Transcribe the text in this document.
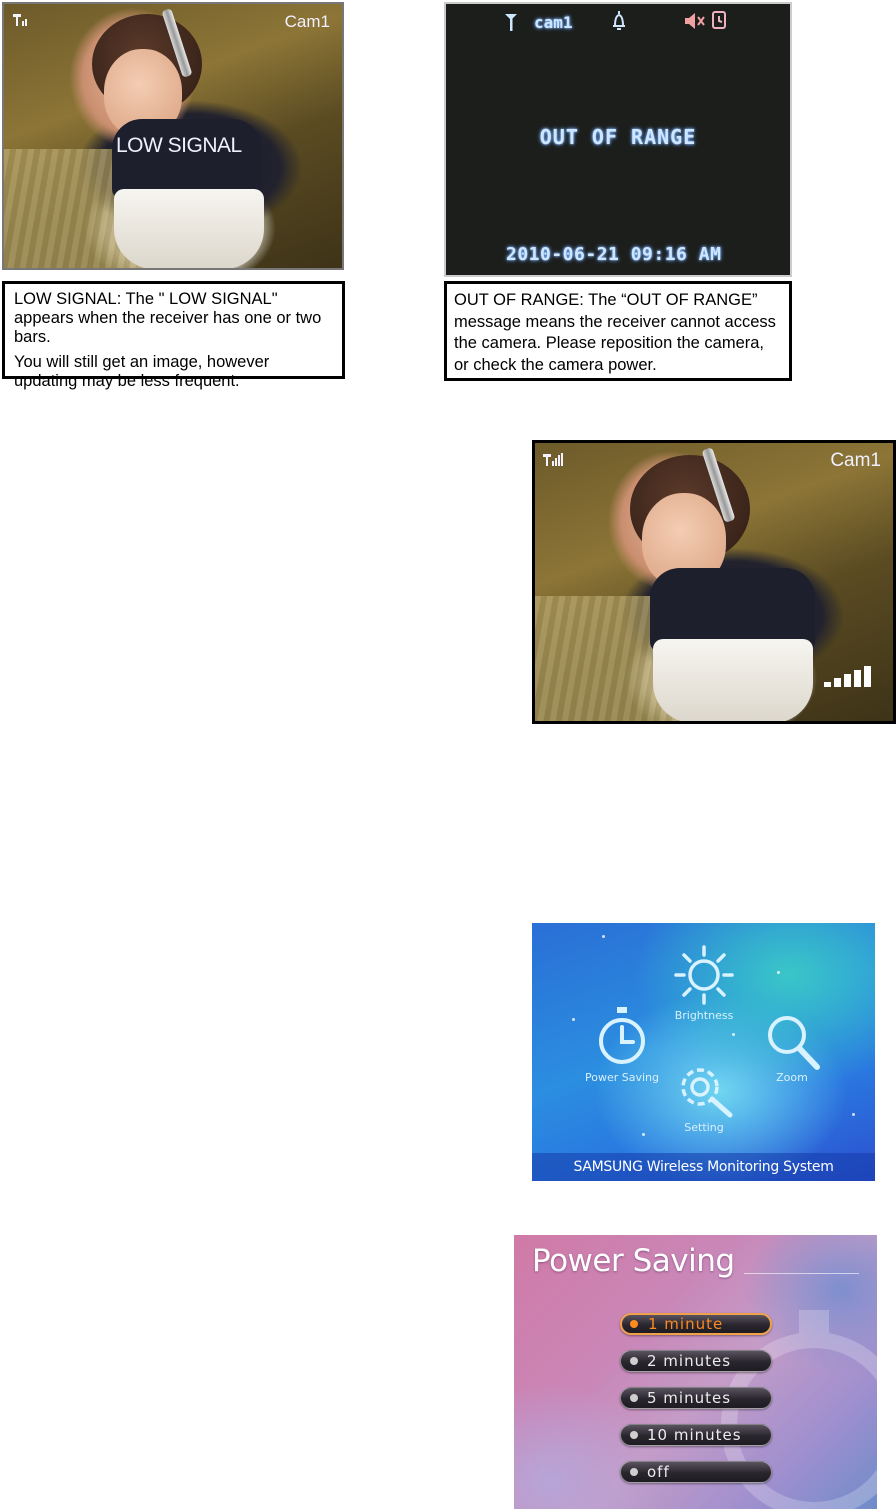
Cam1
LOW SIGNAL

LOW SIGNAL: The " LOW SIGNAL" appears when the receiver has one or two bars.

You will still get an image, however updating may be less frequent.

cam1
OUT OF RANGE
2010-06-21 09:16 AM

OUT OF RANGE: The “OUT OF RANGE” message means the receiver cannot access the camera. Please reposition the camera, or check the camera power.

Cam1
Brightness
Power Saving	Zoom
Setting
SAMSUNG Wireless Monitoring System
Power Saving
1 minute
2 minutes
5 minutes
10 minutes
off
